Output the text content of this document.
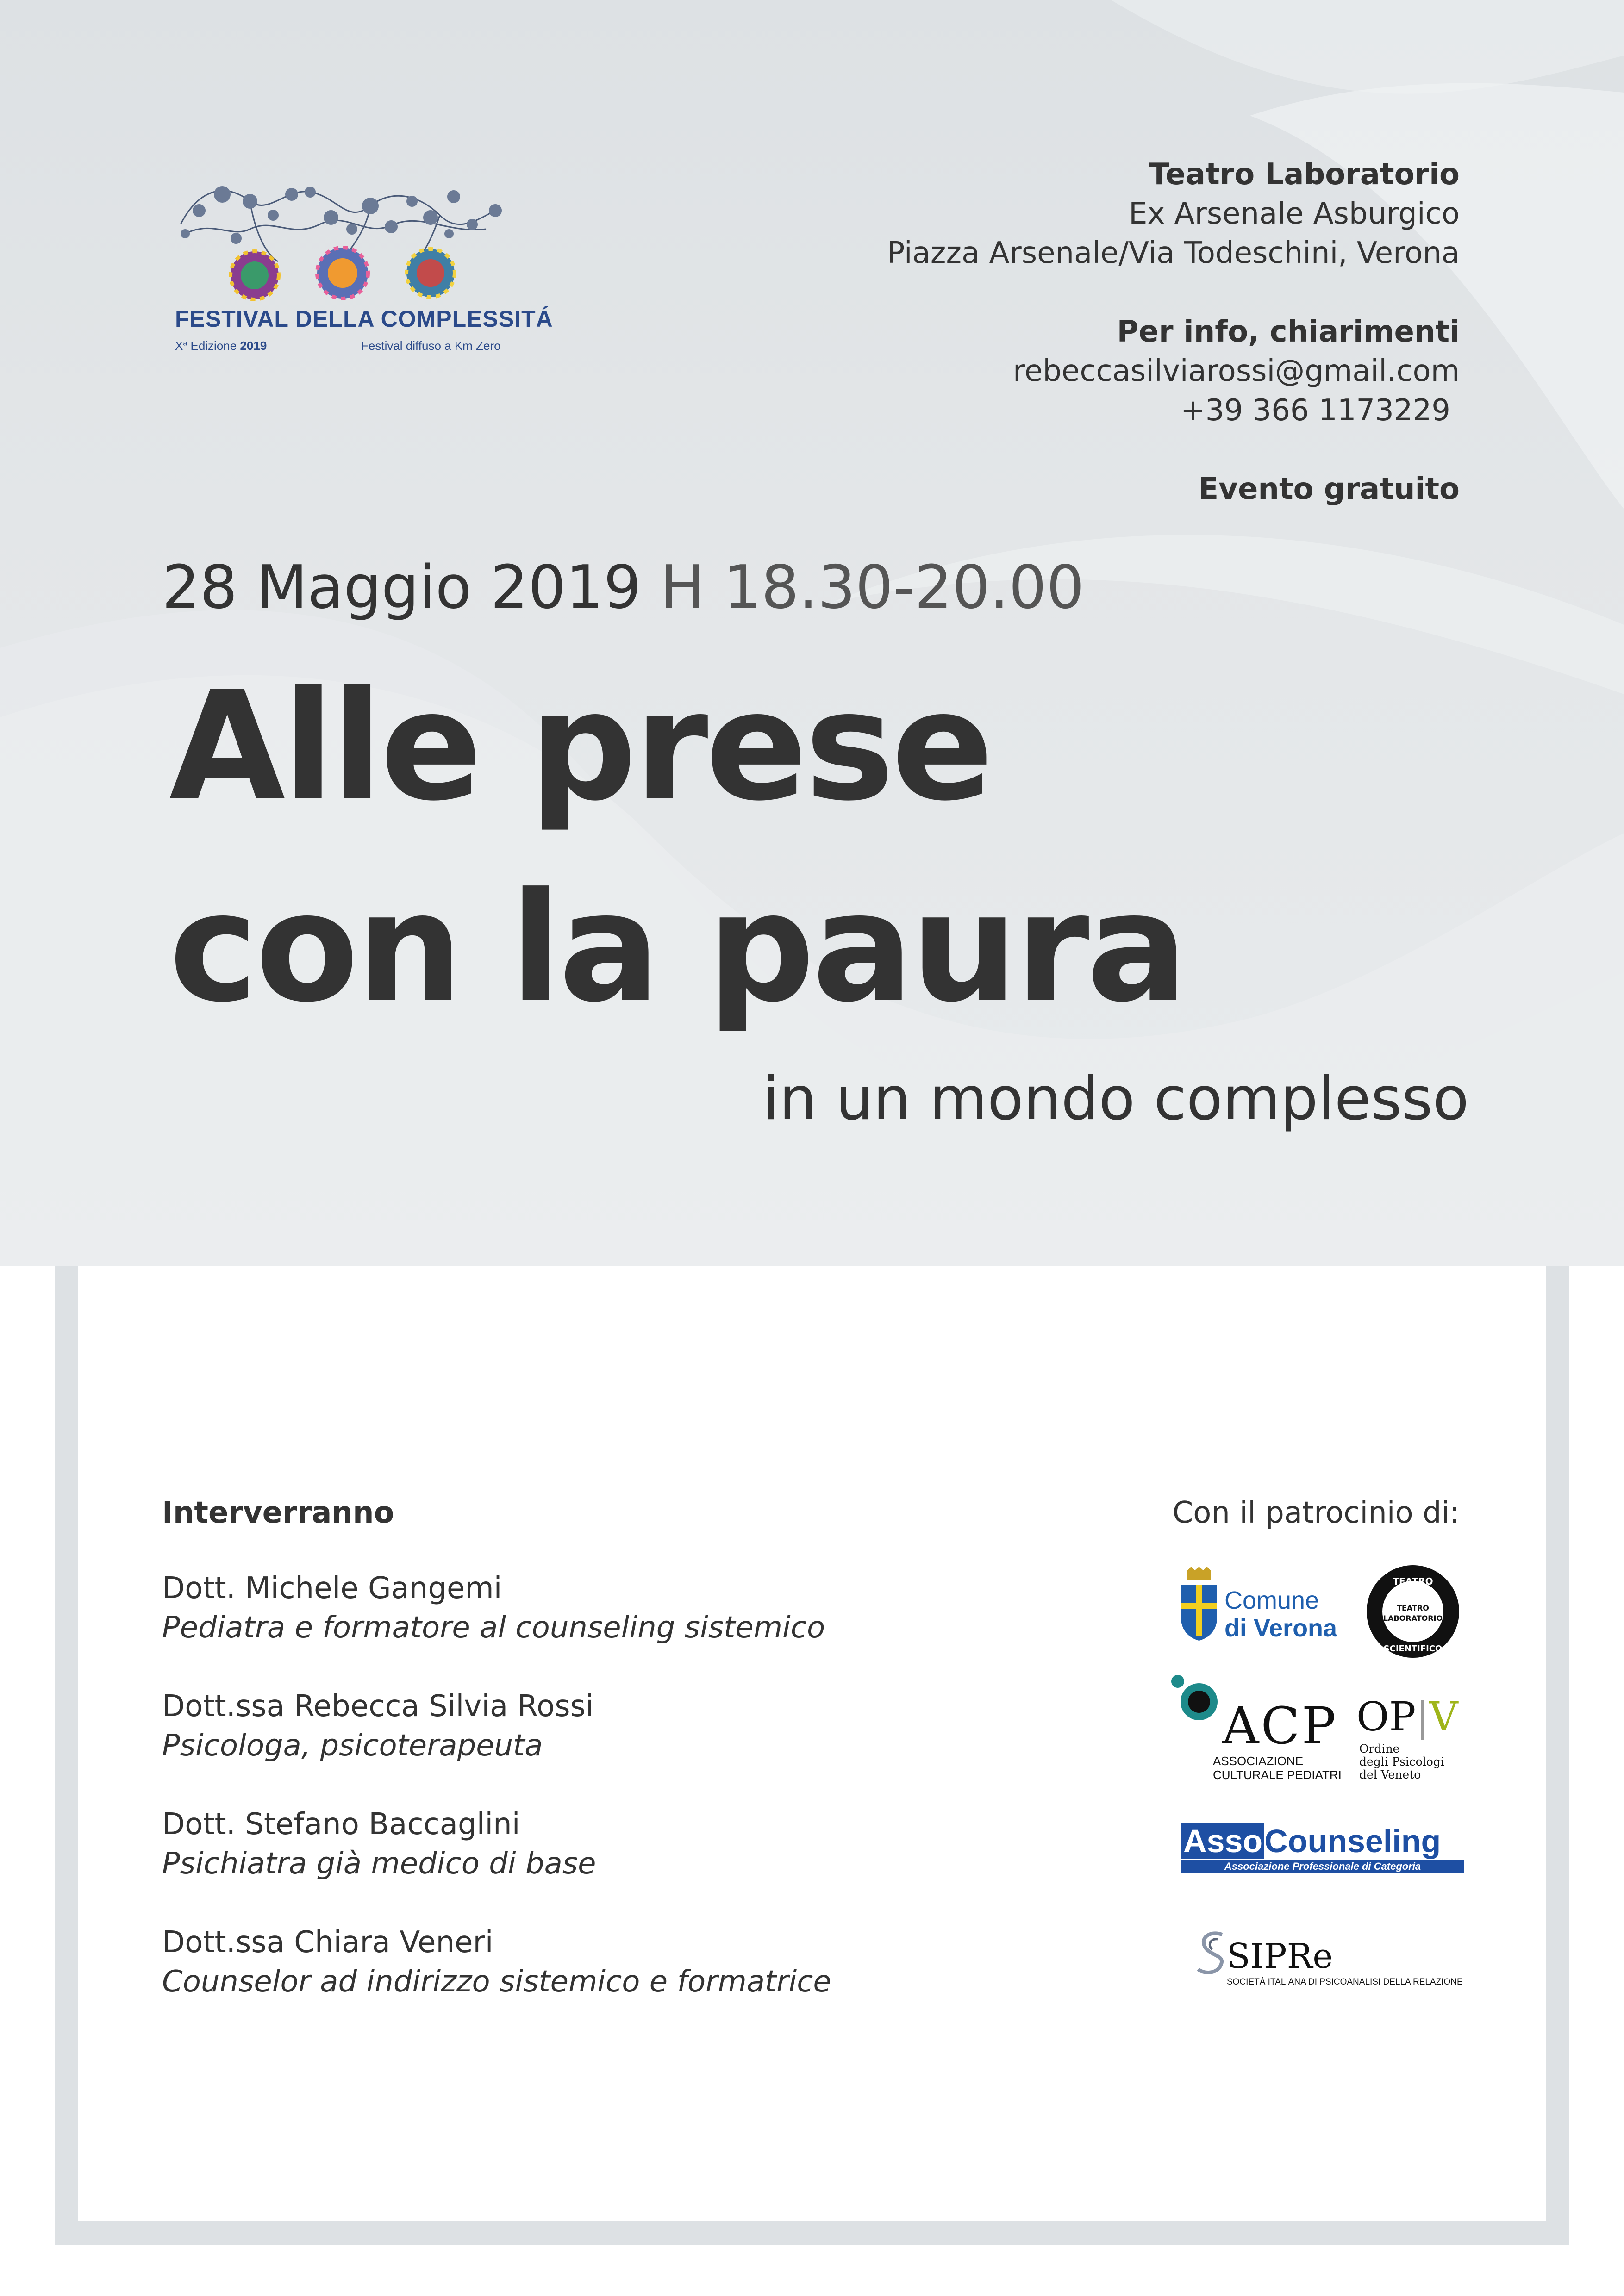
FESTIVAL DELLA COMPLESSITÁ
$X^a$ Edizione 2019	Festival diffuso a Km Zero
Teatro Laboratorio
Ex Arsenale Asburgico
Piazza Arsenale/Via Todeschini, Verona
Per info, chiarimenti
rebeccasilviarossi@gmail.com
+39 366 1173229
Evento gratuito
28 Maggio 2019 H 18.30-20.00
Alle prese
con la paura
in un mondo complesso
Interverranno
Dott. Michele Gangemi
Pediatra e formatore al counseling sistemico
Dott.ssa Rebecca Silvia Rossi
Psicologa, psicoterapeuta
Dott. Stefano Baccaglini
Psichiatra già medico di base
Dott.ssa Chiara Veneri
Counselor ad indirizzo sistemico e formatrice
Con il patrocinio di:
Comune
di Verona
TEATRO
TEATRO
LABORATORIO
SCIENTIFICO
ACP
ASSOCIAZIONE
CULTURALE PEDIATRI
OP|V
Ordine
degli Psicologi
del Veneto
AssoCounseling
Associazione Professionale di Categoria
SIPRe
SOCIETÀ ITALIANA DI PSICOANALISI DELLA RELAZIONE
